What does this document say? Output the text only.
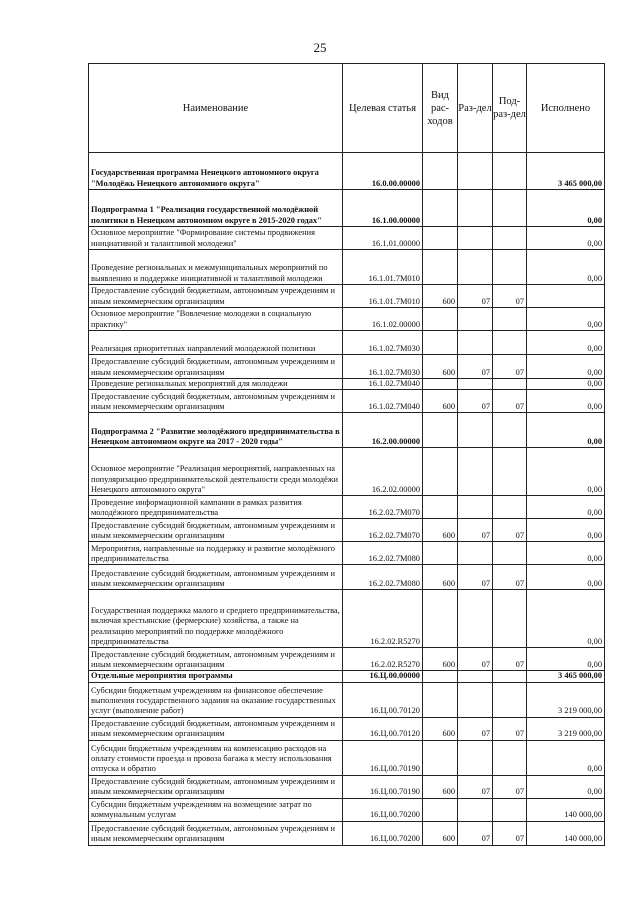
25
Наименование	Целевая статья	Вид рас-ходов	Раз-дел	Под-раз-дел	Исполнено
Государственная программа Ненецкого автономного округа "Молодёжь Ненецкого автономного округа"	16.0.00.00000				3 465 000,00
Подпрограмма 1 "Реализация государственной молодёжной политики в Ненецком автономном округе в 2015-2020 годах"	16.1.00.00000				0,00
Основное мероприятие "Формирование системы продвижения инициативной и талантливой молодежи"	16.1.01.00000				0,00
Проведение региональных и межмуниципальных мероприятий по выявлению и поддержке инициативной и талантливой молодежи	16.1.01.7М010				0,00
Предоставление субсидий бюджетным, автономным учреждениям и иным некоммерческим организациям	16.1.01.7М010	600	07	07	
Основное мероприятие "Вовлечение молодежи в социальную практику"	16.1.02.00000				0,00
Реализация приоритетных направлений молодежной политики	16.1.02.7М030				0,00
Предоставление субсидий бюджетным, автономным учреждениям и иным некоммерческим организациям	16.1.02.7М030	600	07	07	0,00
Проведение региональных мероприятий для молодежи	16.1.02.7М040				0,00
Предоставление субсидий бюджетным, автономным учреждениям и иным некоммерческим организациям	16.1.02.7М040	600	07	07	0,00
Подпрограмма 2 "Развитие молодёжного предпринимательства в Ненецком автономном округе на 2017 - 2020 годы"	16.2.00.00000				0,00
Основное мероприятие "Реализация мероприятий, направленных на популяризацию предпринимательской деятельности среди молодёжи Ненецкого автономного округа"	16.2.02.00000				0,00
Проведение информационной кампании в рамках развития молодёжного предпринимательства	16.2.02.7М070				0,00
Предоставление субсидий бюджетным, автономным учреждениям и иным некоммерческим организациям	16.2.02.7М070	600	07	07	0,00
Мероприятия, направленные на поддержку и развитие молодёжного предпринимательства	16.2.02.7М080				0,00
Предоставление субсидий бюджетным, автономным учреждениям и иным некоммерческим организациям	16.2.02.7М080	600	07	07	0,00
Государственная поддержка малого и среднего предпринимательства, включая крестьянские (фермерские) хозяйства, а также на реализацию мероприятий по поддержке молодёжного предпринимательства	16.2.02.R5270				0,00
Предоставление субсидий бюджетным, автономным учреждениям и иным некоммерческим организациям	16.2.02.R5270	600	07	07	0,00
Отдельные мероприятия программы	16.Ц.00.00000				3 465 000,00
Субсидии бюджетным учреждениям на финансовое обеспечение выполнения государственного задания на оказание государственных услуг (выполнение работ)	16.Ц.00.70120				3 219 000,00
Предоставление субсидий бюджетным, автономным учреждениям и иным некоммерческим организациям	16.Ц.00.70120	600	07	07	3 219 000,00
Субсидии бюджетным учреждениям на компенсацию расходов на оплату стоимости проезда и провоза багажа к месту использования отпуска и обратно	16.Ц.00.70190				0,00
Предоставление субсидий бюджетным, автономным учреждениям и иным некоммерческим организациям	16.Ц.00.70190	600	07	07	0,00
Субсидии бюджетным учреждениям на возмещение затрат по коммунальным услугам	16.Ц.00.70200				140 000,00
Предоставление субсидий бюджетным, автономным учреждениям и иным некоммерческим организациям	16.Ц.00.70200	600	07	07	140 000,00
